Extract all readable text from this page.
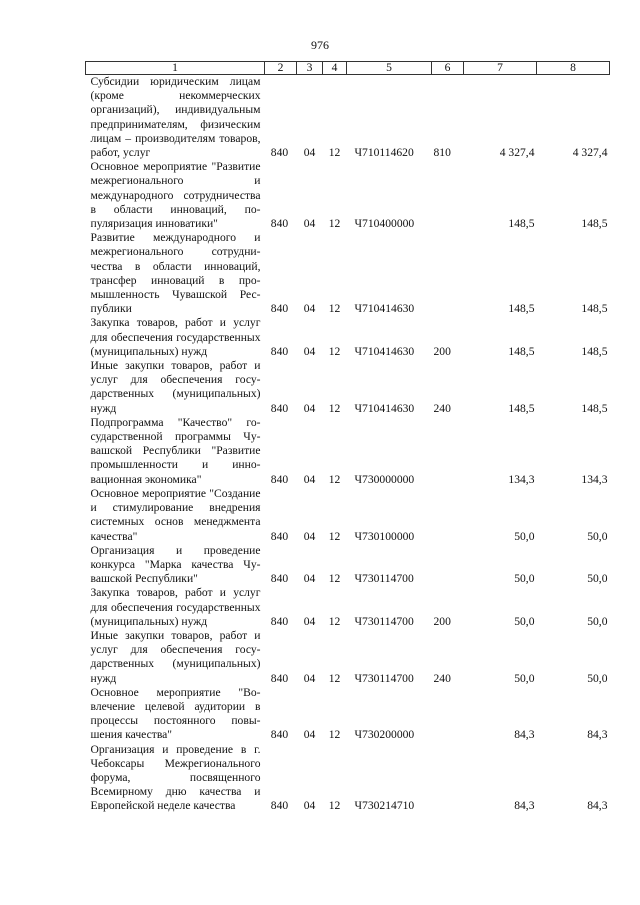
976
1	2	3	4	5	6	7	8
Субсидии юридическим лицам (кроме некоммерческих организаций), индивидуальным предпринимателям, физическим лицам – производителям товаров, работ, услуг	840	04	12	Ч710114620	810	4 327,4	4 327,4
Основное мероприятие "Развитие межрегионального и международного сотрудничества в области инноваций, популяризация инноватики"	840	04	12	Ч710400000		148,5	148,5
Развитие международного и межрегионального сотрудничества в области инноваций, трансфер инноваций в промышленность Чувашской Республики	840	04	12	Ч710414630		148,5	148,5
Закупка товаров, работ и услуг для обеспечения государственных (муниципальных) нужд	840	04	12	Ч710414630	200	148,5	148,5
Иные закупки товаров, работ и услуг для обеспечения государственных (муниципальных) нужд	840	04	12	Ч710414630	240	148,5	148,5
Подпрограмма "Качество" государственной программы Чувашской Республики "Развитие промышленности и инновационная экономика"	840	04	12	Ч730000000		134,3	134,3
Основное мероприятие "Создание и стимулирование внедрения системных основ менеджмента качества"	840	04	12	Ч730100000		50,0	50,0
Организация и проведение конкурса "Марка качества Чувашской Республики"	840	04	12	Ч730114700		50,0	50,0
Закупка товаров, работ и услуг для обеспечения государственных (муниципальных) нужд	840	04	12	Ч730114700	200	50,0	50,0
Иные закупки товаров, работ и услуг для обеспечения государственных (муниципальных) нужд	840	04	12	Ч730114700	240	50,0	50,0
Основное мероприятие "Вовлечение целевой аудитории в процессы постоянного повышения качества"	840	04	12	Ч730200000		84,3	84,3
Организация и проведение в г. Чебоксары Межрегионального форума, посвященного Всемирному дню качества и Европейской неделе качества	840	04	12	Ч730214710		84,3	84,3
